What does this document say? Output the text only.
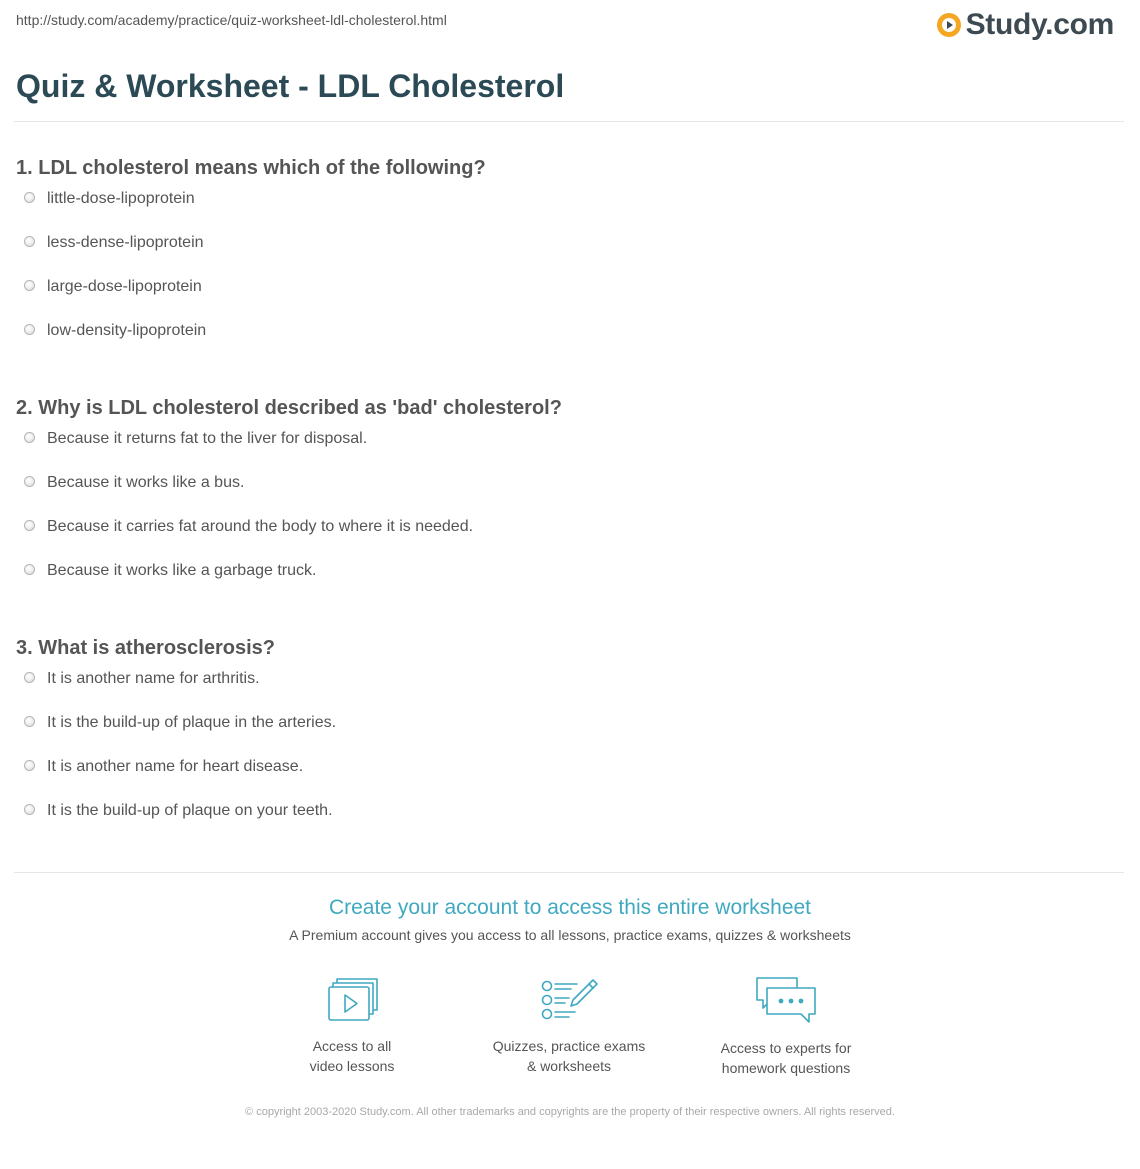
http://study.com/academy/practice/quiz-worksheet-ldl-cholesterol.html	Study.com
Quiz & Worksheet - LDL Cholesterol
1. LDL cholesterol means which of the following?
little-dose-lipoprotein
less-dense-lipoprotein
large-dose-lipoprotein
low-density-lipoprotein
2. Why is LDL cholesterol described as 'bad' cholesterol?
Because it returns fat to the liver for disposal.
Because it works like a bus.
Because it carries fat around the body to where it is needed.
Because it works like a garbage truck.
3. What is atherosclerosis?
It is another name for arthritis.
It is the build-up of plaque in the arteries.
It is another name for heart disease.
It is the build-up of plaque on your teeth.
Create your account to access this entire worksheet

A Premium account gives you access to all lessons, practice exams, quizzes & worksheets

Access to all
video lessons
Quizzes, practice exams
& worksheets
Access to experts for
homework questions
© copyright 2003-2020 Study.com. All other trademarks and copyrights are the property of their respective owners. All rights reserved.
